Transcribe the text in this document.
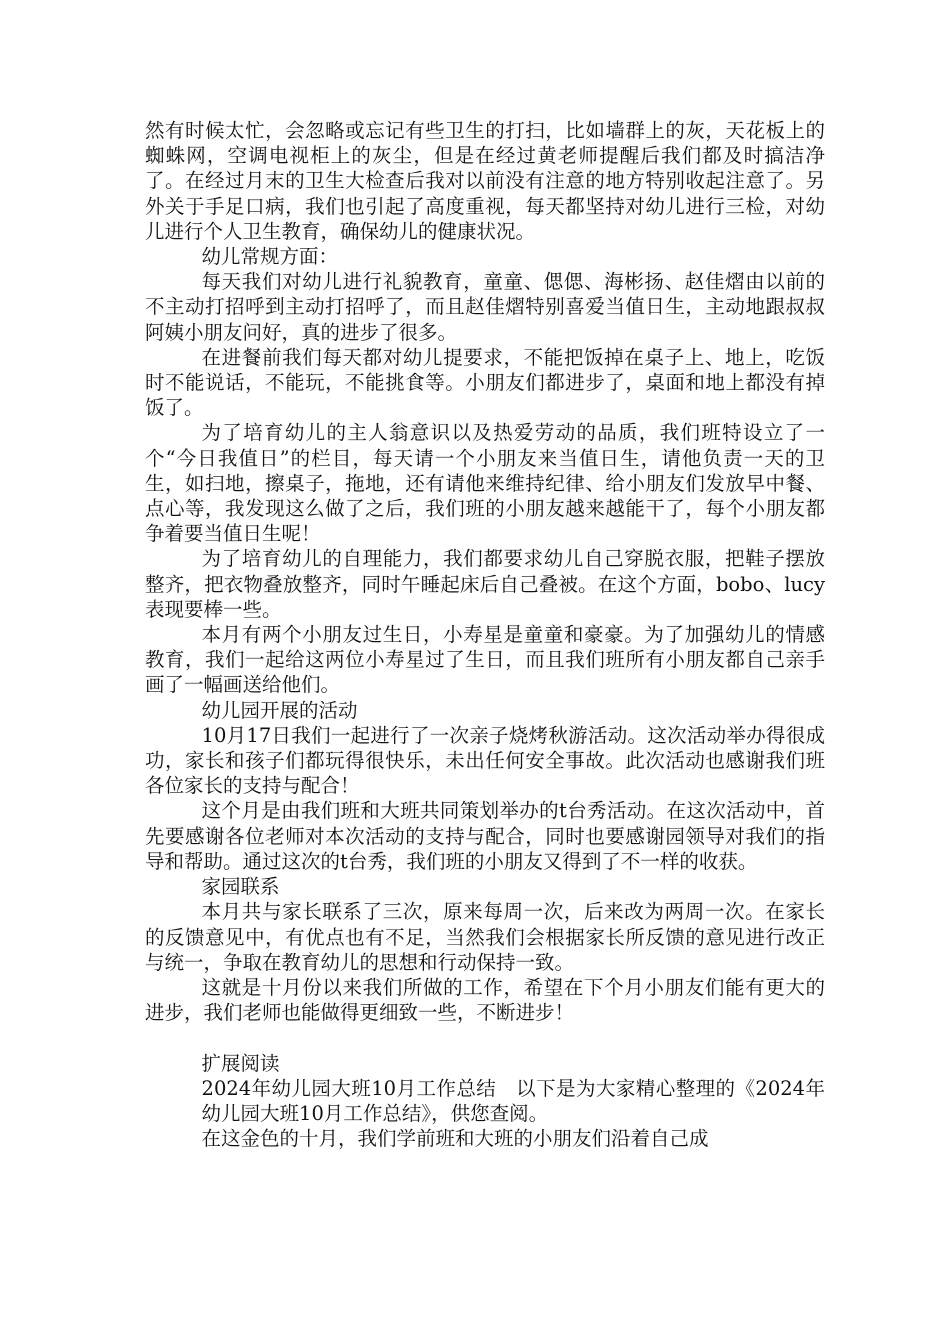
然有时候太忙，会忽略或忘记有些卫生的打扫，比如墙群上的灰，天花板上的蜘蛛网，空调电视柜上的灰尘，但是在经过黄老师提醒后我们都及时搞洁净了。在经过月末的卫生大检查后我对以前没有注意的地方特别收起注意了。另外关于手足口病，我们也引起了高度重视，每天都坚持对幼儿进行三检，对幼儿进行个人卫生教育，确保幼儿的健康状况。

幼儿常规方面：

每天我们对幼儿进行礼貌教育，童童、偲偲、海彬扬、赵佳熠由以前的不主动打招呼到主动打招呼了，而且赵佳熠特别喜爱当值日生，主动地跟叔叔阿姨小朋友问好，真的进步了很多。

在进餐前我们每天都对幼儿提要求，不能把饭掉在桌子上、地上，吃饭时不能说话，不能玩，不能挑食等。小朋友们都进步了，桌面和地上都没有掉饭了。

为了培育幼儿的主人翁意识以及热爱劳动的品质，我们班特设立了一个“今日我值日”的栏目，每天请一个小朋友来当值日生，请他负责一天的卫生，如扫地，擦桌子，拖地，还有请他来维持纪律、给小朋友们发放早中餐、点心等，我发现这么做了之后，我们班的小朋友越来越能干了，每个小朋友都争着要当值日生呢！

为了培育幼儿的自理能力，我们都要求幼儿自己穿脱衣服，把鞋子摆放整齐，把衣物叠放整齐，同时午睡起床后自己叠被。在这个方面，bobo、lucy表现要棒一些。

本月有两个小朋友过生日，小寿星是童童和豪豪。为了加强幼儿的情感教育，我们一起给这两位小寿星过了生日，而且我们班所有小朋友都自己亲手画了一幅画送给他们。

幼儿园开展的活动

10月17日我们一起进行了一次亲子烧烤秋游活动。这次活动举办得很成功，家长和孩子们都玩得很快乐，未出任何安全事故。此次活动也感谢我们班各位家长的支持与配合！

这个月是由我们班和大班共同策划举办的t台秀活动。在这次活动中，首先要感谢各位老师对本次活动的支持与配合，同时也要感谢园领导对我们的指导和帮助。通过这次的t台秀，我们班的小朋友又得到了不一样的收获。

家园联系

本月共与家长联系了三次，原来每周一次，后来改为两周一次。在家长的反馈意见中，有优点也有不足，当然我们会根据家长所反馈的意见进行改正与统一，争取在教育幼儿的思想和行动保持一致。

这就是十月份以来我们所做的工作，希望在下个月小朋友们能有更大的进步，我们老师也能做得更细致一些，不断进步！

扩展阅读

2024年幼儿园大班10月工作总结　以下是为大家精心整理的《2024年幼儿园大班10月工作总结》，供您查阅。

在这金色的十月，我们学前班和大班的小朋友们沿着自己成
